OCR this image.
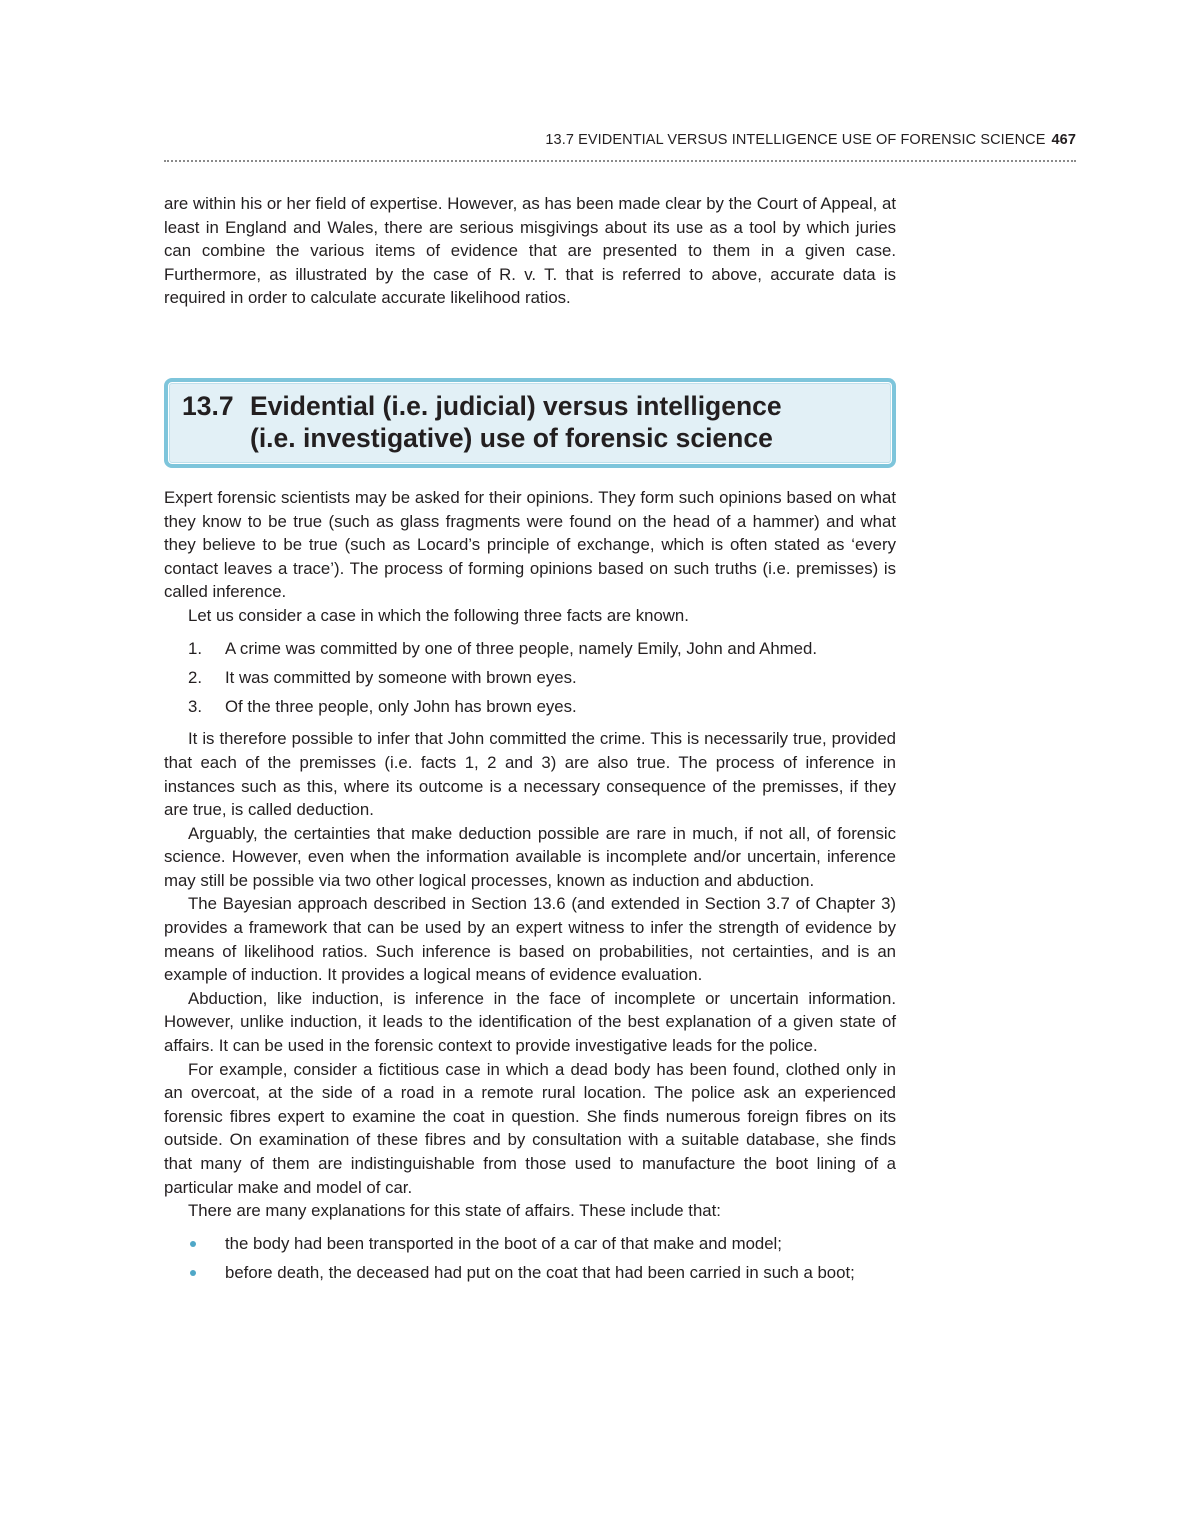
13.7 EVIDENTIAL VERSUS INTELLIGENCE USE OF FORENSIC SCIENCE 467

are within his or her field of expertise. However, as has been made clear by the Court of Appeal, at least in England and Wales, there are serious misgivings about its use as a tool by which juries can combine the various items of evidence that are presented to them in a given case. Furthermore, as illustrated by the case of R. v. T. that is referred to above, accurate data is required in order to calculate accurate likelihood ratios.

13.7 Evidential (i.e. judicial) versus intelligence
(i.e. investigative) use of forensic science

Expert forensic scientists may be asked for their opinions. They form such opinions based on what they know to be true (such as glass fragments were found on the head of a hammer) and what they believe to be true (such as Locard’s principle of exchange, which is often stated as ‘every contact leaves a trace’). The process of forming opinions based on such truths (i.e. premisses) is called inference.

Let us consider a case in which the following three facts are known.

1.	A crime was committed by one of three people, namely Emily, John and Ahmed.
2.	It was committed by someone with brown eyes.
3.	Of the three people, only John has brown eyes.

It is therefore possible to infer that John committed the crime. This is necessarily true, provided that each of the premisses (i.e. facts 1, 2 and 3) are also true. The process of inference in instances such as this, where its outcome is a necessary consequence of the premisses, if they are true, is called deduction.

Arguably, the certainties that make deduction possible are rare in much, if not all, of forensic science. However, even when the information available is incomplete and/or uncertain, inference may still be possible via two other logical processes, known as induction and abduction.

The Bayesian approach described in Section 13.6 (and extended in Section 3.7 of Chapter 3) provides a framework that can be used by an expert witness to infer the strength of evidence by means of likelihood ratios. Such inference is based on probabilities, not certainties, and is an example of induction. It provides a logical means of evidence evaluation.

Abduction, like induction, is inference in the face of incomplete or uncertain information. However, unlike induction, it leads to the identification of the best explanation of a given state of affairs. It can be used in the forensic context to provide investigative leads for the police.

For example, consider a fictitious case in which a dead body has been found, clothed only in an overcoat, at the side of a road in a remote rural location. The police ask an experienced forensic fibres expert to examine the coat in question. She finds numerous foreign fibres on its outside. On examination of these fibres and by consultation with a suitable database, she finds that many of them are indistinguishable from those used to manufacture the boot lining of a particular make and model of car.

There are many explanations for this state of affairs. These include that:

the body had been transported in the boot of a car of that make and model;
before death, the deceased had put on the coat that had been carried in such a boot;
